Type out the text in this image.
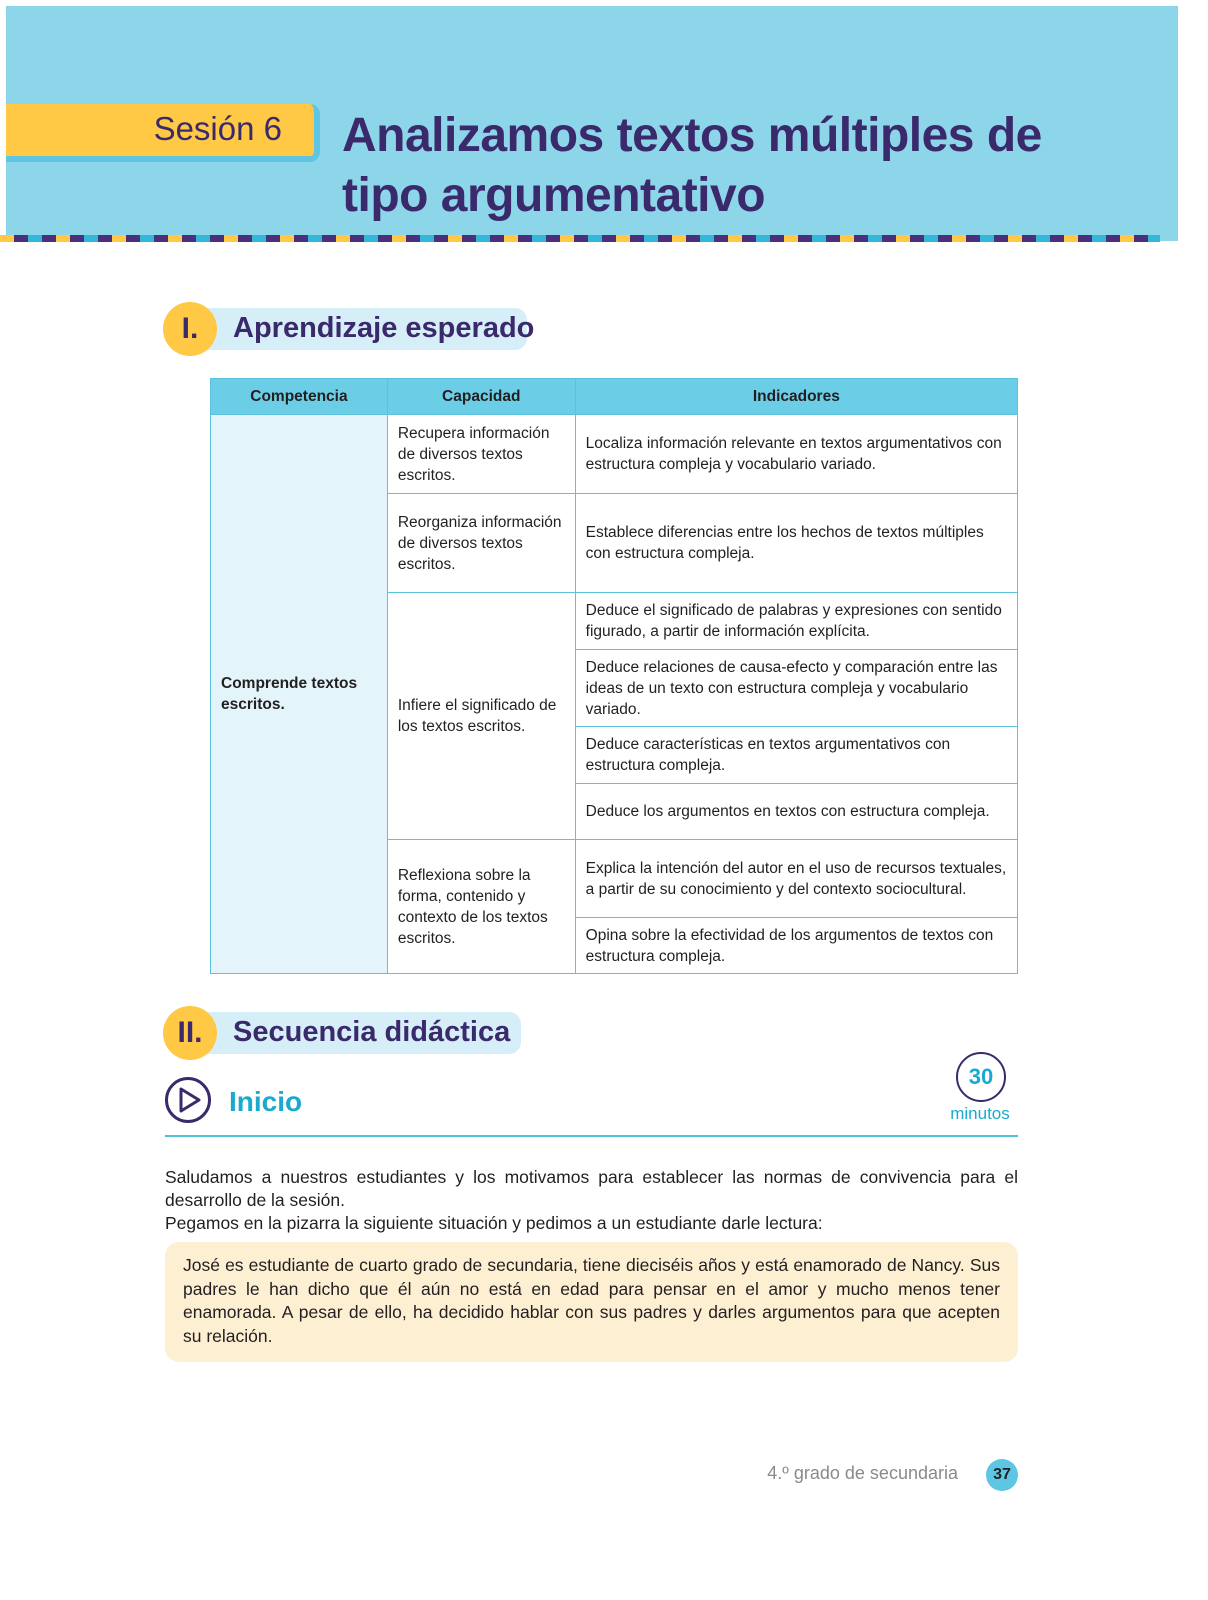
Sesión 6 Analizamos textos múltiples de tipo argumentativo
Aprendizaje esperado
I.
Competencia	Capacidad	Indicadores
Comprende textos escritos.	Recupera información de diversos textos escritos.	Localiza información relevante en textos argumentativos con estructura compleja y vocabulario variado.
	Reorganiza información de diversos textos escritos.	Establece diferencias entre los hechos de textos múltiples con estructura compleja.
	Infiere el significado de los textos escritos.	Deduce el significado de palabras y expresiones con sentido figurado, a partir de información explícita.
		Deduce relaciones de causa-efecto y comparación entre las ideas de un texto con estructura compleja y vocabulario variado.
		Deduce características en textos argumentativos con estructura compleja.
		Deduce los argumentos en textos con estructura compleja.
	Reflexiona sobre la forma, contenido y contexto de los textos escritos.	Explica la intención del autor en el uso de recursos textuales, a partir de su conocimiento y del contexto sociocultural.
		Opina sobre la efectividad de los argumentos de textos con estructura compleja.
Secuencia didáctica
II.
Inicio
30
minutos

Saludamos a nuestros estudiantes y los motivamos para establecer las normas de convivencia para el desarrollo de la sesión.

Pegamos en la pizarra la siguiente situación y pedimos a un estudiante darle lectura:

José es estudiante de cuarto grado de secundaria, tiene dieciséis años y está enamorado de Nancy. Sus padres le han dicho que él aún no está en edad para pensar en el amor y mucho menos tener enamorada. A pesar de ello, ha decidido hablar con sus padres y darles argumentos para que acepten su relación.
4.º grado de secundaria	37
